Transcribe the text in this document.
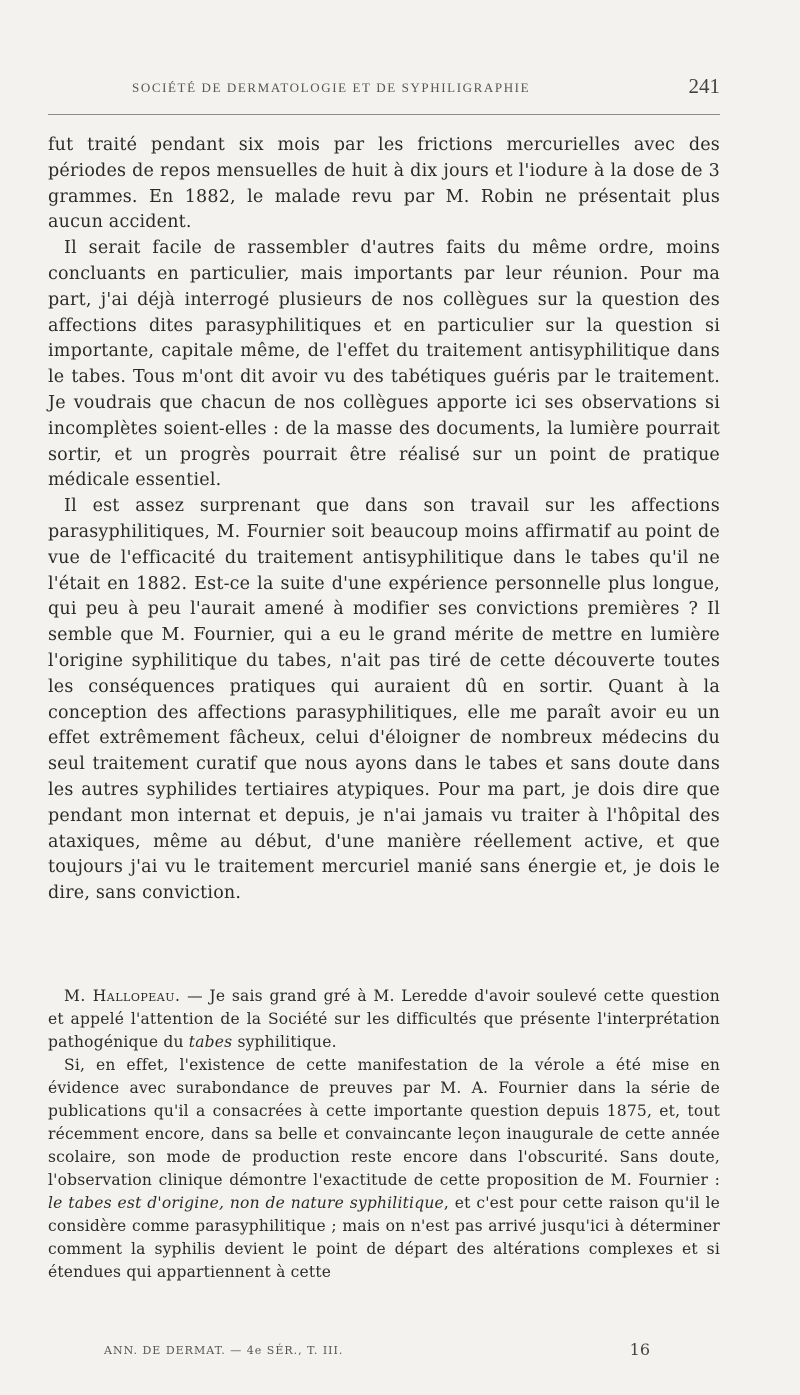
SOCIÉTÉ DE DERMATOLOGIE ET DE SYPHILIGRAPHIE	241

fut traité pendant six mois par les frictions mercurielles avec des périodes de repos mensuelles de huit à dix jours et l'iodure à la dose de 3 grammes. En 1882, le malade revu par M. Robin ne présentait plus aucun accident.

Il serait facile de rassembler d'autres faits du même ordre, moins concluants en particulier, mais importants par leur réunion. Pour ma part, j'ai déjà interrogé plusieurs de nos collègues sur la question des affections dites parasyphilitiques et en particulier sur la question si importante, capitale même, de l'effet du traitement antisyphilitique dans le tabes. Tous m'ont dit avoir vu des tabétiques guéris par le traitement. Je voudrais que chacun de nos collègues apporte ici ses observations si incomplètes soient-elles : de la masse des documents, la lumière pourrait sortir, et un progrès pourrait être réalisé sur un point de pratique médicale essentiel.

Il est assez surprenant que dans son travail sur les affections parasyphilitiques, M. Fournier soit beaucoup moins affirmatif au point de vue de l'efficacité du traitement antisyphilitique dans le tabes qu'il ne l'était en 1882. Est-ce la suite d'une expérience personnelle plus longue, qui peu à peu l'aurait amené à modifier ses convictions premières ? Il semble que M. Fournier, qui a eu le grand mérite de mettre en lumière l'origine syphilitique du tabes, n'ait pas tiré de cette découverte toutes les conséquences pratiques qui auraient dû en sortir. Quant à la conception des affections parasyphilitiques, elle me paraît avoir eu un effet extrêmement fâcheux, celui d'éloigner de nombreux médecins du seul traitement curatif que nous ayons dans le tabes et sans doute dans les autres syphilides tertiaires atypiques. Pour ma part, je dois dire que pendant mon internat et depuis, je n'ai jamais vu traiter à l'hôpital des ataxiques, même au début, d'une manière réellement active, et que toujours j'ai vu le traitement mercuriel manié sans énergie et, je dois le dire, sans conviction.

M. Hallopeau. — Je sais grand gré à M. Leredde d'avoir soulevé cette question et appelé l'attention de la Société sur les difficultés que présente l'interprétation pathogénique du tabes syphilitique.

Si, en effet, l'existence de cette manifestation de la vérole a été mise en évidence avec surabondance de preuves par M. A. Fournier dans la série de publications qu'il a consacrées à cette importante question depuis 1875, et, tout récemment encore, dans sa belle et convaincante leçon inaugurale de cette année scolaire, son mode de production reste encore dans l'obscurité. Sans doute, l'observation clinique démontre l'exactitude de cette proposition de M. Fournier : le tabes est d'origine, non de nature syphilitique, et c'est pour cette raison qu'il le considère comme parasyphilitique ; mais on n'est pas arrivé jusqu'ici à déterminer comment la syphilis devient le point de départ des altérations complexes et si étendues qui appartiennent à cette

ANN. DE DERMAT. — 4e SÉR., T. III.	16
